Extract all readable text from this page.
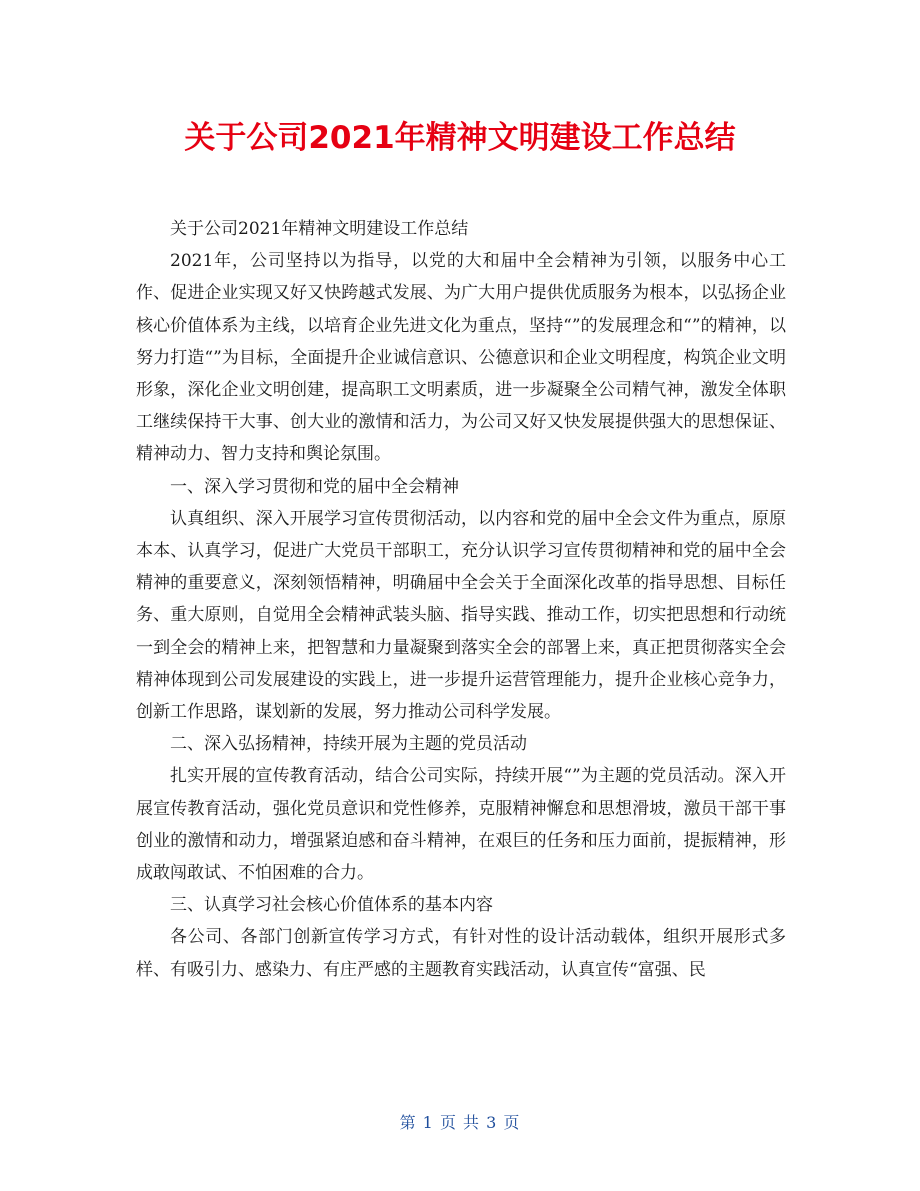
关于公司2021年精神文明建设工作总结

关于公司2021年精神文明建设工作总结

2021年，公司坚持以为指导，以党的大和届中全会精神为引领，以服务中心工作、促进企业实现又好又快跨越式发展、为广大用户提供优质服务为根本，以弘扬企业核心价值体系为主线，以培育企业先进文化为重点，坚持“”的发展理念和“”的精神，以努力打造“”为目标，全面提升企业诚信意识、公德意识和企业文明程度，构筑企业文明形象，深化企业文明创建，提高职工文明素质，进一步凝聚全公司精气神，激发全体职工继续保持干大事、创大业的激情和活力，为公司又好又快发展提供强大的思想保证、精神动力、智力支持和舆论氛围。

一、深入学习贯彻和党的届中全会精神

认真组织、深入开展学习宣传贯彻活动，以内容和党的届中全会文件为重点，原原本本、认真学习，促进广大党员干部职工，充分认识学习宣传贯彻精神和党的届中全会精神的重要意义，深刻领悟精神，明确届中全会关于全面深化改革的指导思想、目标任务、重大原则，自觉用全会精神武装头脑、指导实践、推动工作，切实把思想和行动统一到全会的精神上来，把智慧和力量凝聚到落实全会的部署上来，真正把贯彻落实全会精神体现到公司发展建设的实践上，进一步提升运营管理能力，提升企业核心竞争力，创新工作思路，谋划新的发展，努力推动公司科学发展。

二、深入弘扬精神，持续开展为主题的党员活动

扎实开展的宣传教育活动，结合公司实际，持续开展“”为主题的党员活动。深入开展宣传教育活动，强化党员意识和党性修养，克服精神懈怠和思想滑坡，激员干部干事创业的激情和动力，增强紧迫感和奋斗精神，在艰巨的任务和压力面前，提振精神，形成敢闯敢试、不怕困难的合力。

三、认真学习社会核心价值体系的基本内容

各公司、各部门创新宣传学习方式，有针对性的设计活动载体，组织开展形式多样、有吸引力、感染力、有庄严感的主题教育实践活动，认真宣传“富强、民

第 1 页 共 3 页
